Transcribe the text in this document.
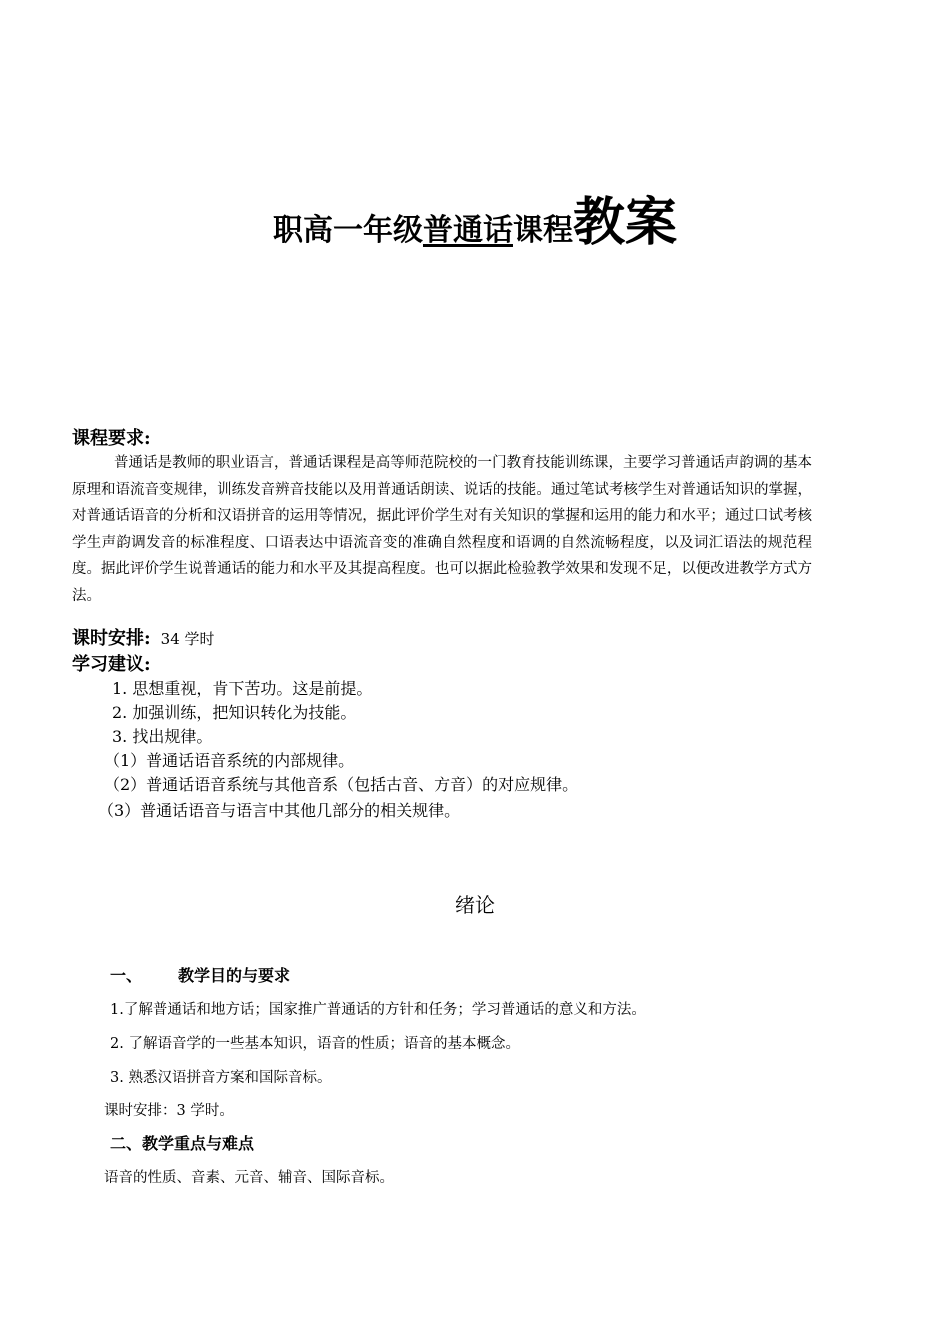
职高一年级普通话课程教案
课程要求:
普通话是教师的职业语言，普通话课程是高等师范院校的一门教育技能训练课，主要学习普通话声韵调的基本原理和语流音变规律，训练发音辨音技能以及用普通话朗读、说话的技能。通过笔试考核学生对普通话知识的掌握，对普通话语音的分析和汉语拼音的运用等情况，据此评价学生对有关知识的掌握和运用的能力和水平；通过口试考核学生声韵调发音的标准程度、口语表达中语流音变的准确自然程度和语调的自然流畅程度，以及词汇语法的规范程度。据此评价学生说普通话的能力和水平及其提高程度。也可以据此检验教学效果和发现不足，以便改进教学方式方法。
课时安排: 34 学时
学习建议:
1. 思想重视，肯下苦功。这是前提。
2. 加强训练，把知识转化为技能。
3. 找出规律。
（1）普通话语音系统的内部规律。
（2）普通话语音系统与其他音系（包括古音、方音）的对应规律。
（3）普通话语音与语言中其他几部分的相关规律。
绪论
一、 教学目的与要求
1.了解普通话和地方话；国家推广普通话的方针和任务；学习普通话的意义和方法。
2. 了解语音学的一些基本知识，语音的性质；语音的基本概念。
3. 熟悉汉语拼音方案和国际音标。
课时安排：3 学时。
二、教学重点与难点
语音的性质、音素、元音、辅音、国际音标。
